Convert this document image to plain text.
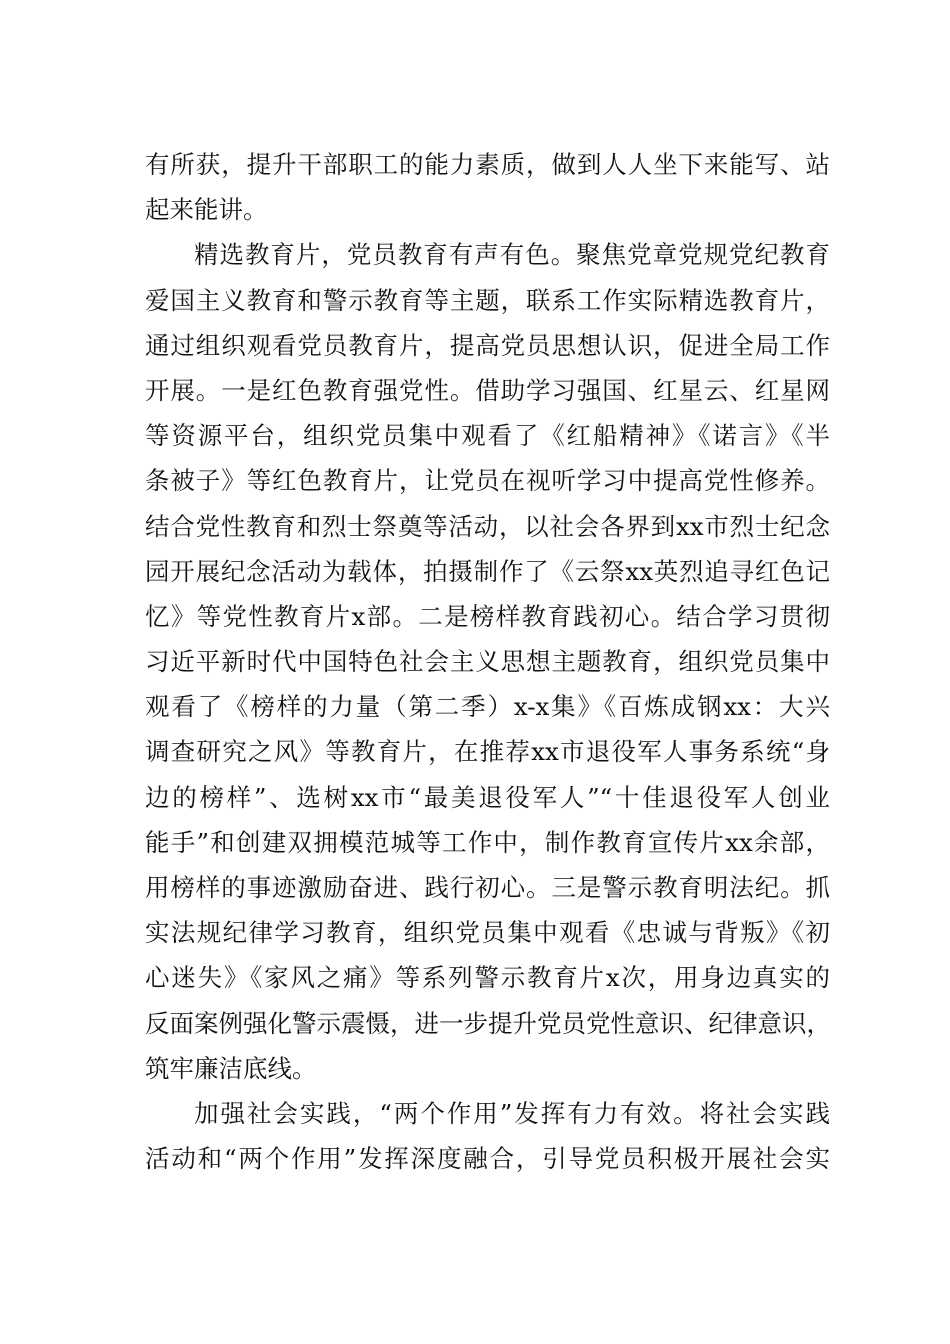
有所获，提升干部职工的能力素质，做到人人坐下来能写、站
起来能讲。
精选教育片，党员教育有声有色。聚焦党章党规党纪教育
爱国主义教育和警示教育等主题，联系工作实际精选教育片，
通过组织观看党员教育片，提高党员思想认识，促进全局工作
开展。一是红色教育强党性。借助学习强国、红星云、红星网
等资源平台，组织党员集中观看了《红船精神》《诺言》《半
条被子》等红色教育片，让党员在视听学习中提高党性修养。
结合党性教育和烈士祭奠等活动，以社会各界到xx市烈士纪念
园开展纪念活动为载体，拍摄制作了《云祭xx英烈追寻红色记
忆》等党性教育片x部。二是榜样教育践初心。结合学习贯彻
习近平新时代中国特色社会主义思想主题教育，组织党员集中
观看了《榜样的力量（第二季）x-x集》《百炼成钢xx：大兴
调查研究之风》等教育片，在推荐xx市退役军人事务系统“身
边的榜样”、选树xx市“最美退役军人”“十佳退役军人创业
能手”和创建双拥模范城等工作中，制作教育宣传片xx余部，
用榜样的事迹激励奋进、践行初心。三是警示教育明法纪。抓
实法规纪律学习教育，组织党员集中观看《忠诚与背叛》《初
心迷失》《家风之痛》等系列警示教育片x次，用身边真实的
反面案例强化警示震慑，进一步提升党员党性意识、纪律意识，
筑牢廉洁底线。
加强社会实践，“两个作用”发挥有力有效。将社会实践
活动和“两个作用”发挥深度融合，引导党员积极开展社会实
